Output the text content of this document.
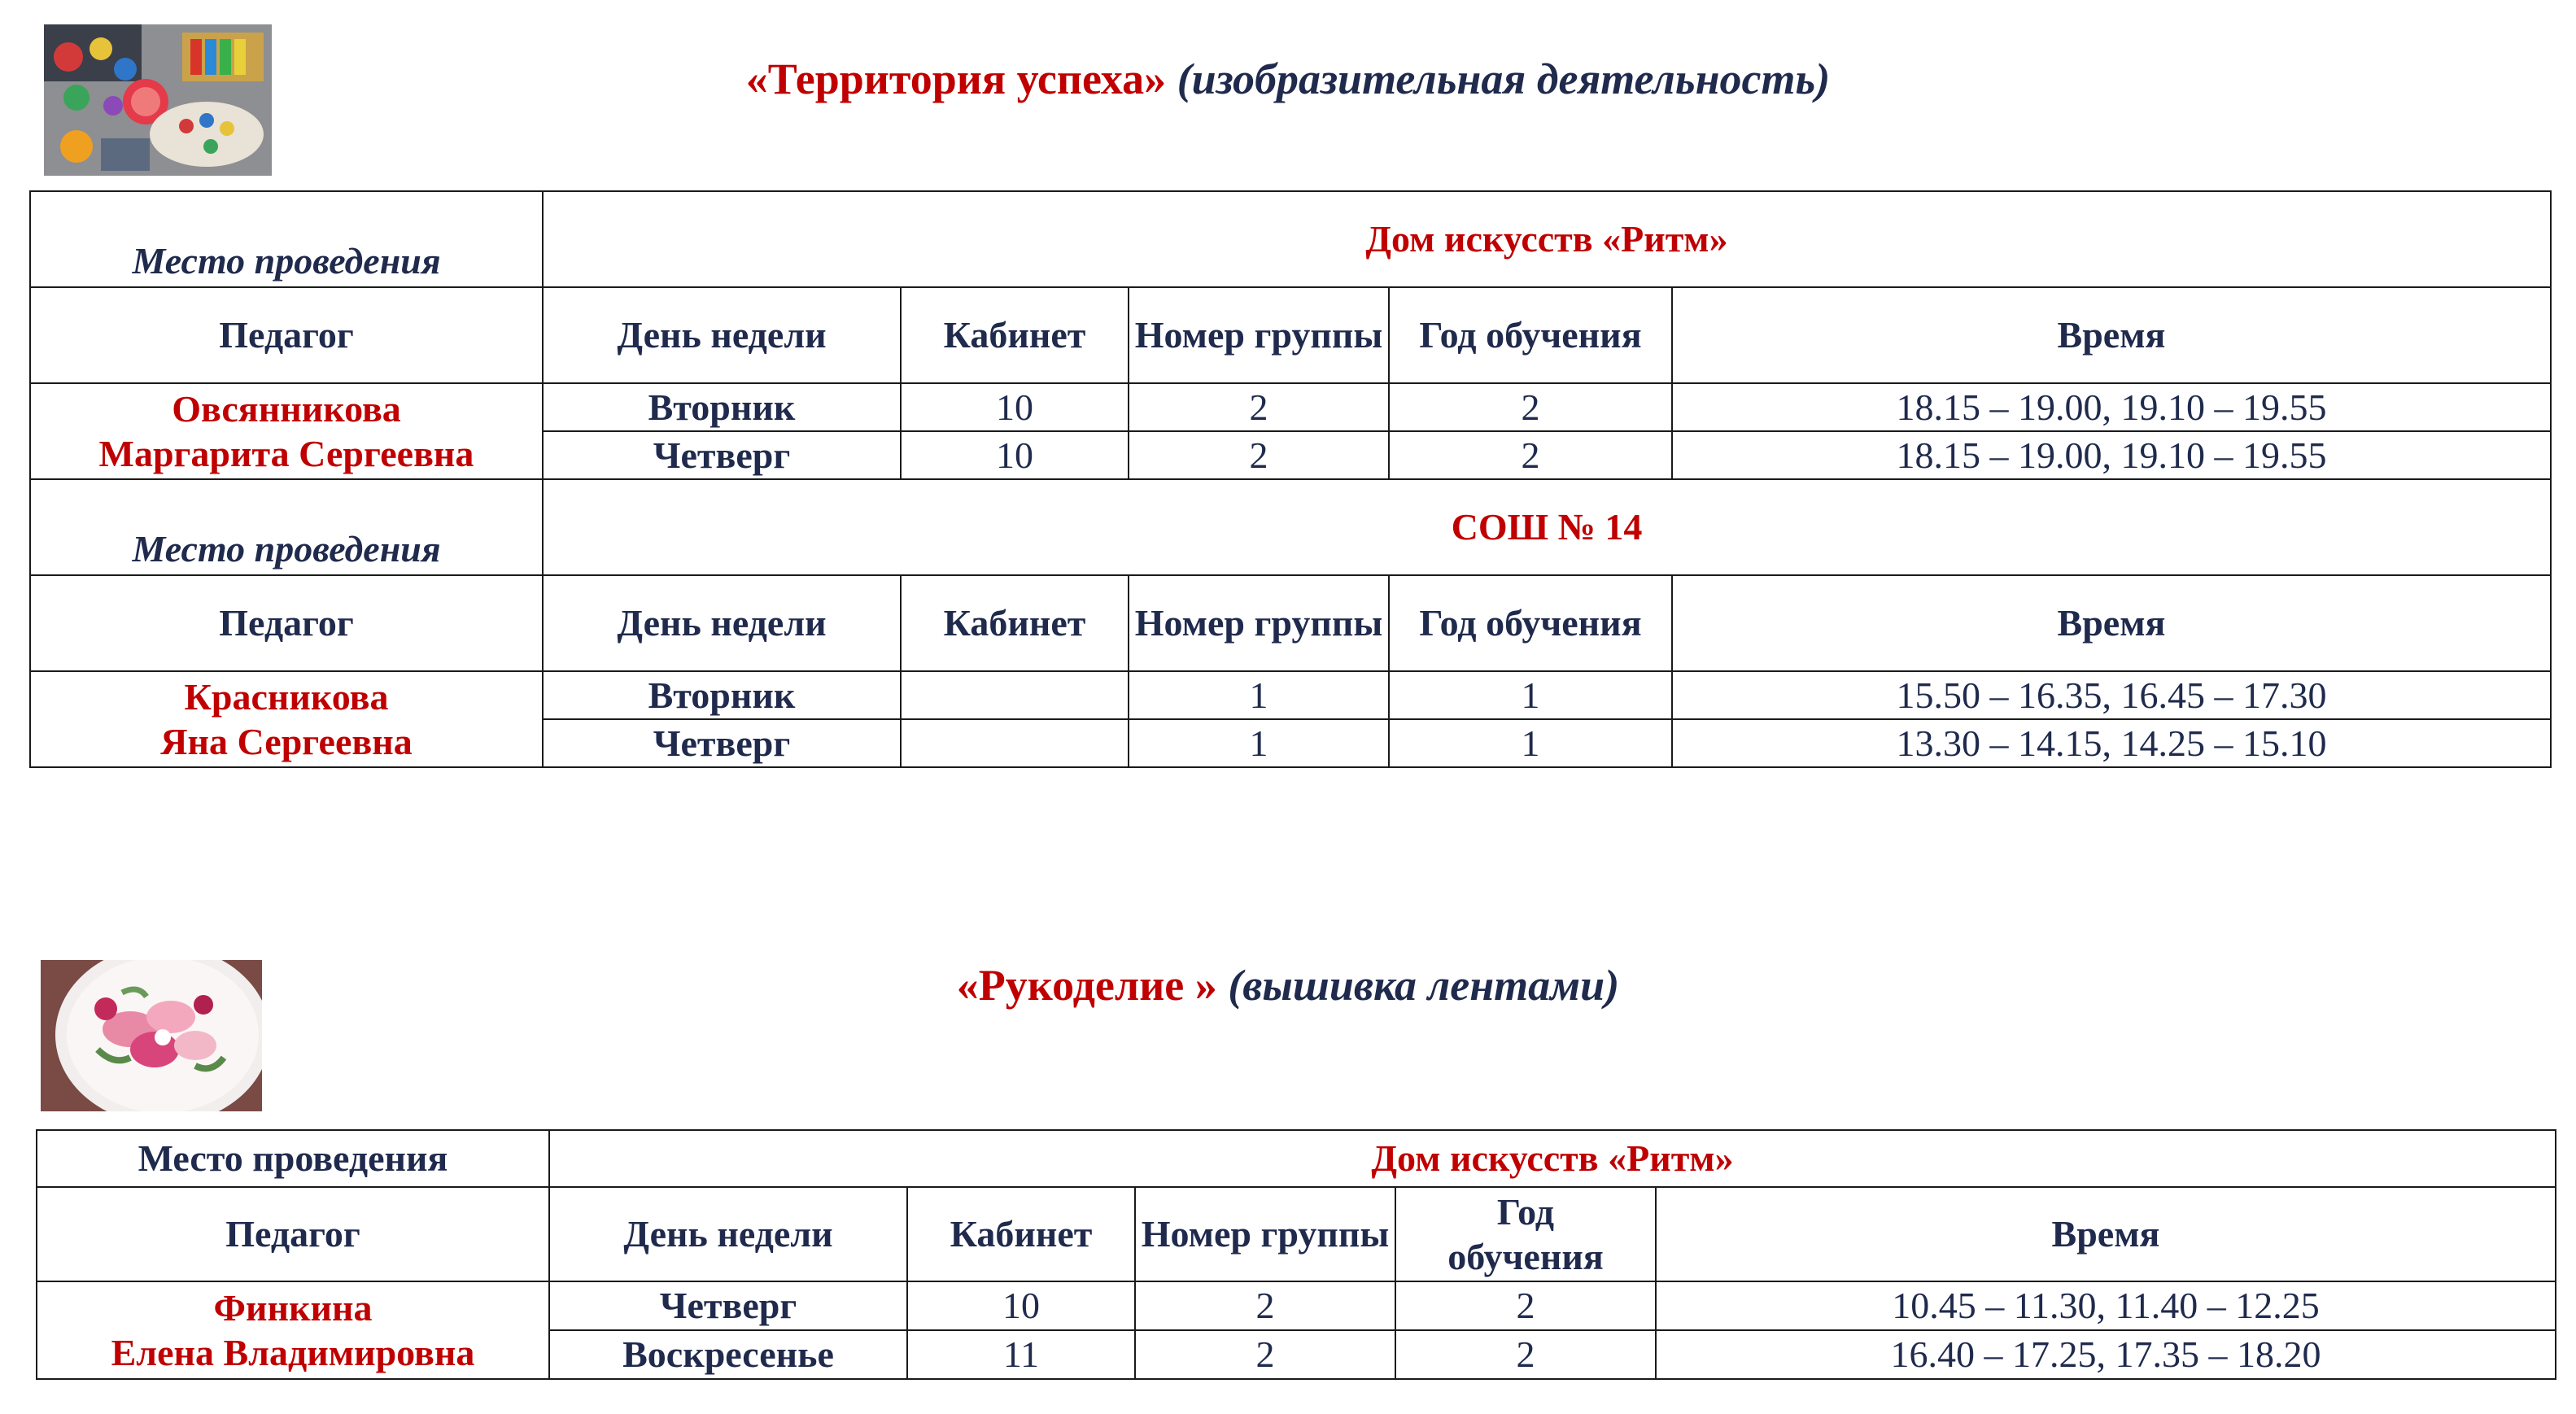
«Территория успеха» (изобразительная деятельность)
Место проведения	Дом искусств «Ритм»				
Педагог	День недели	Кабинет	Номер группы	Год обучения	Время

Овсянникова
Маргарита Сергеевна	Вторник	10	2	2	18.15 – 19.00, 19.10 – 19.55
	Четверг	10	2	2	18.15 – 19.00, 19.10 – 19.55
Место проведения	СОШ № 14				
Педагог	День недели	Кабинет	Номер группы	Год обучения	Время

Красникова
Яна Сергеевна	Вторник		1	1	15.50 – 16.35, 16.45 – 17.30
	Четверг		1	1	13.30 – 14.15, 14.25 – 15.10
«Рукоделие » (вышивка лентами)
Место проведения	Дом искусств «Ритм»				
Педагог	День недели	Кабинет	Номер группы	Год обучения	Время

Финкина
Елена Владимировна	Четверг	10	2	2	10.45 – 11.30, 11.40 – 12.25
	Воскресенье	11	2	2	16.40 – 17.25, 17.35 – 18.20
